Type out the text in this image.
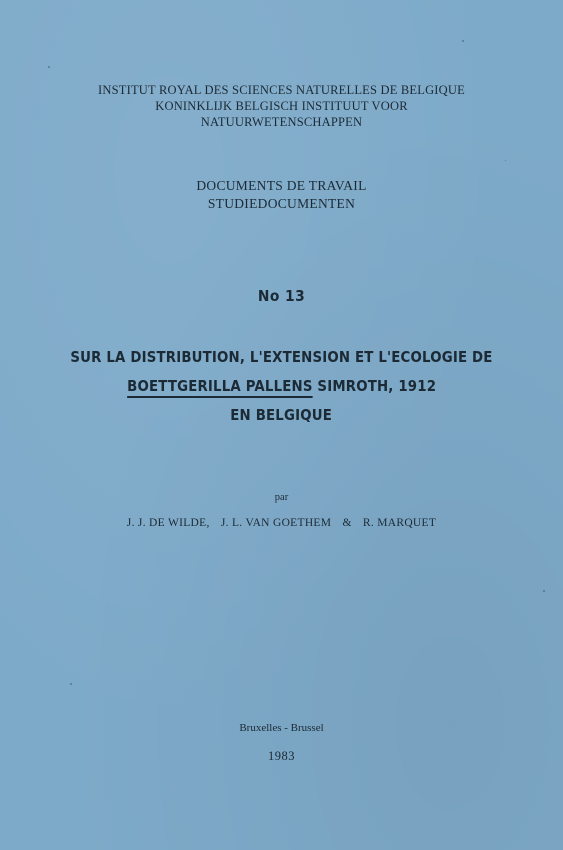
INSTITUT ROYAL DES SCIENCES NATURELLES DE BELGIQUE
KONINKLIJK BELGISCH INSTITUUT VOOR
NATUURWETENSCHAPPEN
DOCUMENTS DE TRAVAIL
STUDIEDOCUMENTEN
No 13
SUR LA DISTRIBUTION, L'EXTENSION ET L'ECOLOGIE DE
BOETTGERILLA PALLENS SIMROTH, 1912
EN BELGIQUE
par
J. J. DE WILDE, J. L. VAN GOETHEM & R. MARQUET
Bruxelles - Brussel
1983
